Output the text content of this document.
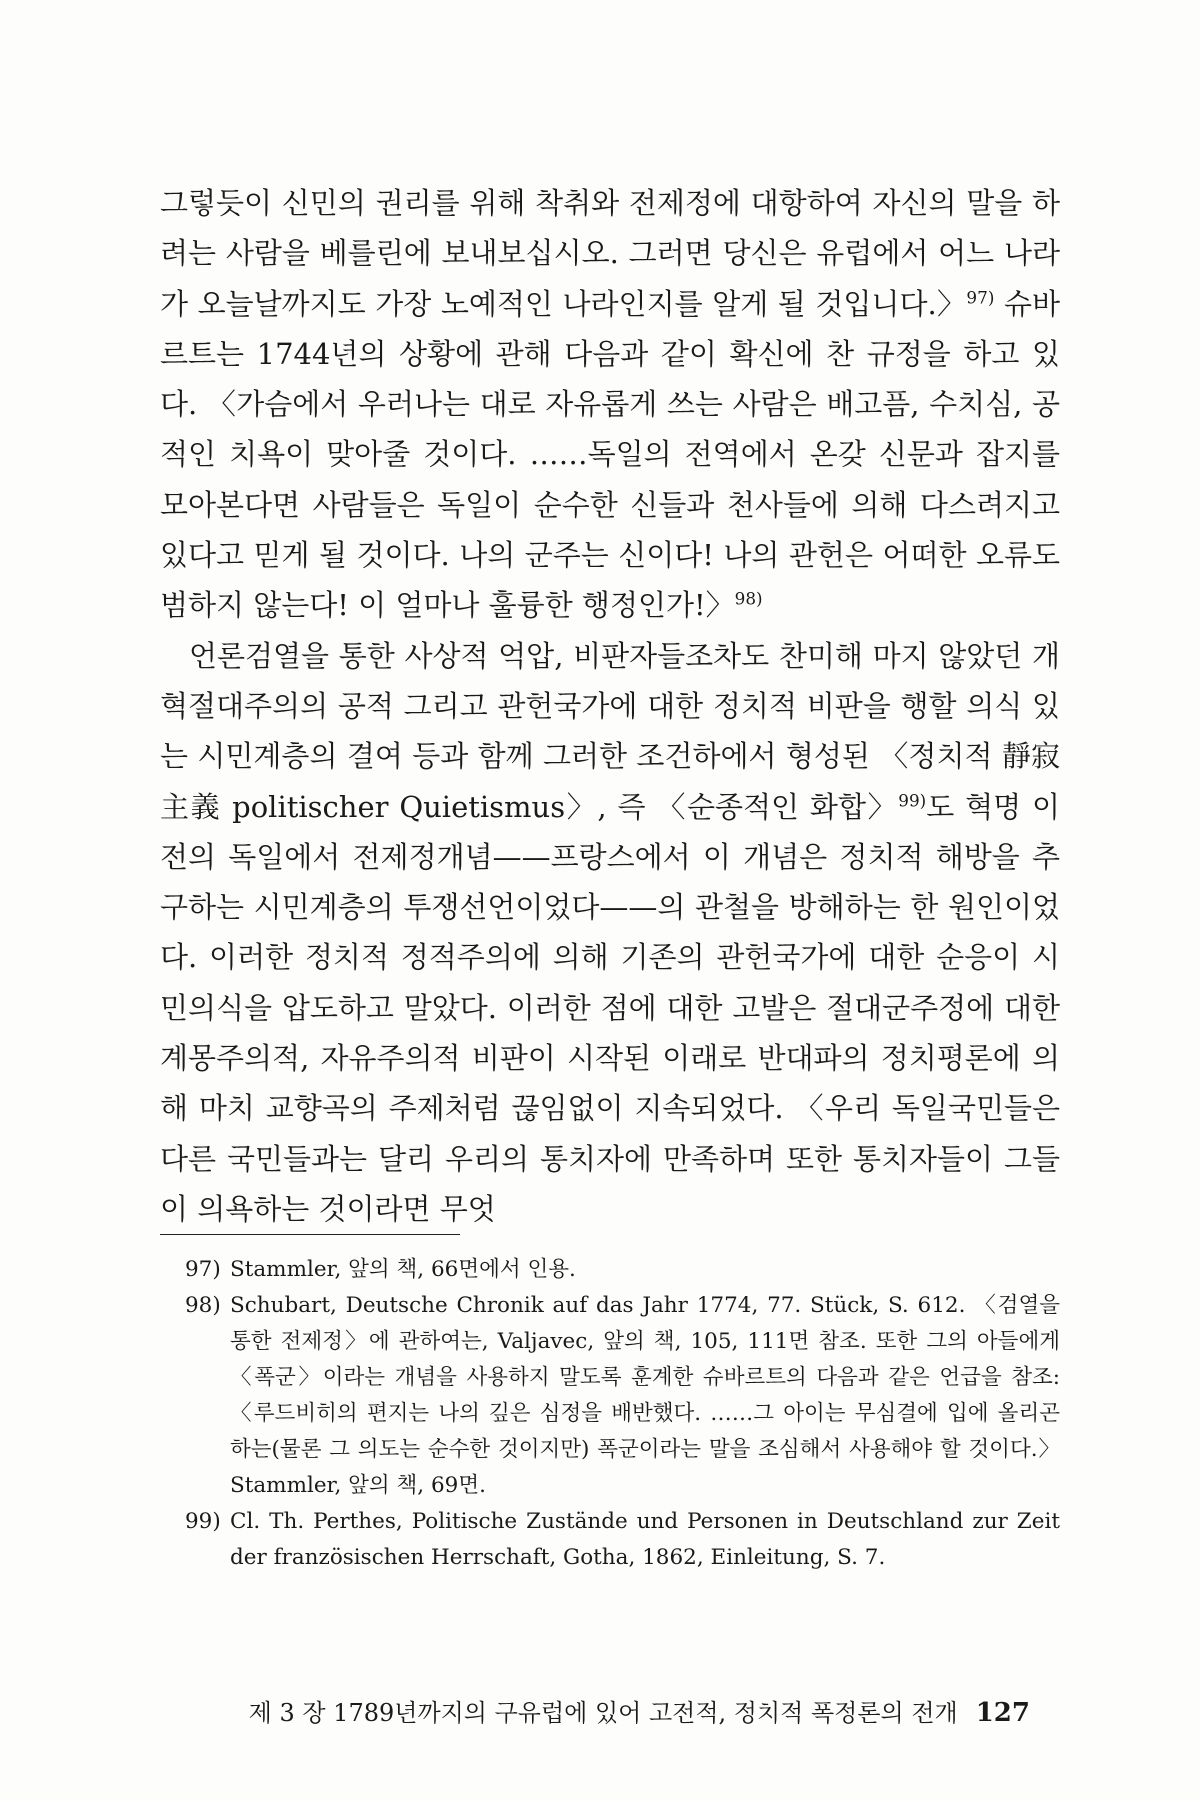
그렇듯이 신민의 권리를 위해 착취와 전제정에 대항하여 자신의 말을 하려는 사람을 베를린에 보내보십시오. 그러면 당신은 유럽에서 어느 나라가 오늘날까지도 가장 노예적인 나라인지를 알게 될 것입니다.〉$^{97)}$ 슈바르트는 1744년의 상황에 관해 다음과 같이 확신에 찬 규정을 하고 있다. 〈가슴에서 우러나는 대로 자유롭게 쓰는 사람은 배고픔, 수치심, 공적인 치욕이 맞아줄 것이다. ……독일의 전역에서 온갖 신문과 잡지를 모아본다면 사람들은 독일이 순수한 신들과 천사들에 의해 다스려지고 있다고 믿게 될 것이다. 나의 군주는 신이다! 나의 관헌은 어떠한 오류도 범하지 않는다! 이 얼마나 훌륭한 행정인가!〉$^{98)}$

언론검열을 통한 사상적 억압, 비판자들조차도 찬미해 마지 않았던 개혁절대주의의 공적 그리고 관헌국가에 대한 정치적 비판을 행할 의식 있는 시민계층의 결여 등과 함께 그러한 조건하에서 형성된 〈정치적 靜寂主義 politischer Quietismus〉, 즉 〈순종적인 화합〉$^{99)}$도 혁명 이전의 독일에서 전제정개념——프랑스에서 이 개념은 정치적 해방을 추구하는 시민계층의 투쟁선언이었다——의 관철을 방해하는 한 원인이었다. 이러한 정치적 정적주의에 의해 기존의 관헌국가에 대한 순응이 시민의식을 압도하고 말았다. 이러한 점에 대한 고발은 절대군주정에 대한 계몽주의적, 자유주의적 비판이 시작된 이래로 반대파의 정치평론에 의해 마치 교향곡의 주제처럼 끊임없이 지속되었다. 〈우리 독일국민들은 다른 국민들과는 달리 우리의 통치자에 만족하며 또한 통치자들이 그들이 의욕하는 것이라면 무엇

97) Stammler, 앞의 책, 66면에서 인용.
98) Schubart, Deutsche Chronik auf das Jahr 1774, 77. Stück, S. 612. 〈검열을 통한 전제정〉에 관하여는, Valjavec, 앞의 책, 105, 111면 참조. 또한 그의 아들에게 〈폭군〉이라는 개념을 사용하지 말도록 훈계한 슈바르트의 다음과 같은 언급을 참조: 〈루드비히의 편지는 나의 깊은 심정을 배반했다. ……그 아이는 무심결에 입에 올리곤 하는(물론 그 의도는 순수한 것이지만) 폭군이라는 말을 조심해서 사용해야 할 것이다.〉 Stammler, 앞의 책, 69면.
99) Cl. Th. Perthes, Politische Zustände und Personen in Deutschland zur Zeit der französischen Herrschaft, Gotha, 1862, Einleitung, S. 7.
제 3 장 1789년까지의 구유럽에 있어 고전적, 정치적 폭정론의 전개 127
